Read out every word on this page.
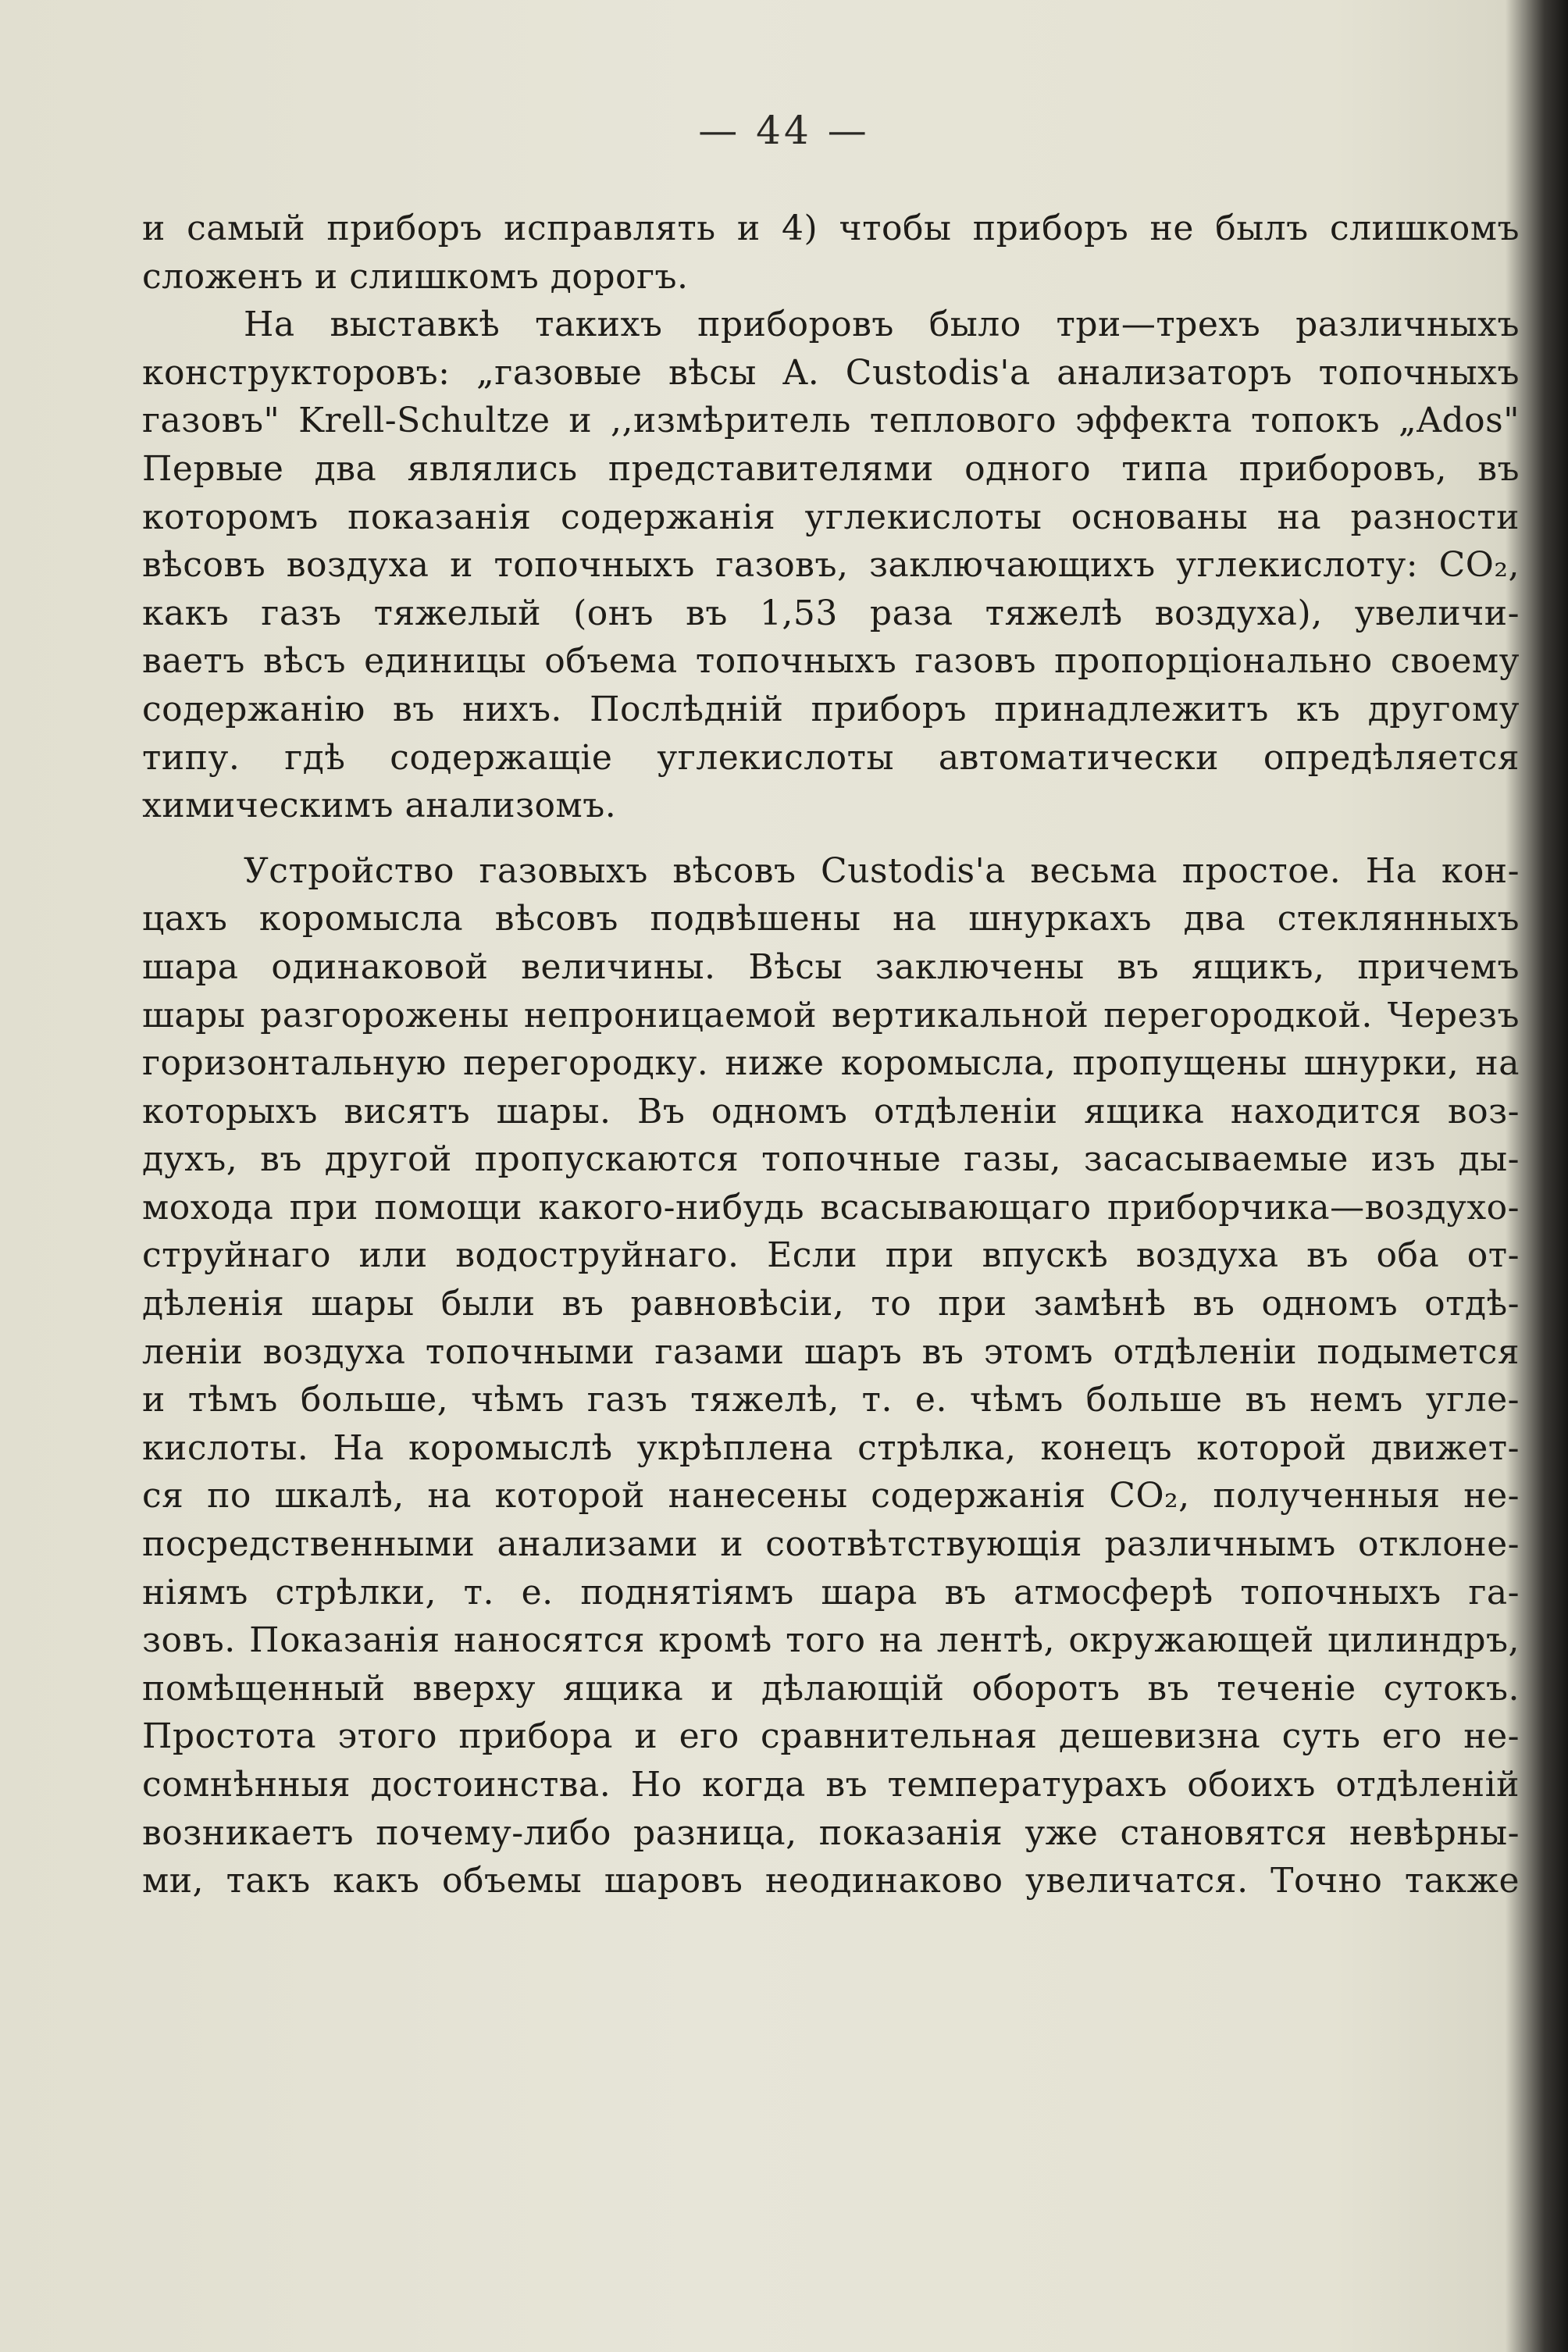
— 44 —
и самый приборъ исправлять и 4) чтобы приборъ не былъ слишкомъ
сложенъ и слишкомъ дорогъ.
На выставкѣ такихъ приборовъ было три—трехъ различныхъ
конструкторовъ: „газовые вѣсы A. Custodis'a анализаторъ топочныхъ
газовъ" Krell-Schultze и ,,измѣритель теплового эффекта топокъ „Ados"
Первые два являлись представителями одного типа приборовъ, въ
которомъ показанія содержанія углекислоты основаны на разности
вѣсовъ воздуха и топочныхъ газовъ, заключающихъ углекислоту: CO₂,
какъ газъ тяжелый (онъ въ 1,53 раза тяжелѣ воздуха), увеличи-
ваетъ вѣсъ единицы объема топочныхъ газовъ пропорціонально своему
содержанію въ нихъ. Послѣдній приборъ принадлежитъ къ другому
типу. гдѣ содержащіе углекислоты автоматически опредѣляется
химическимъ анализомъ.
Устройство газовыхъ вѣсовъ Custodis'a весьма простое. На кон-
цахъ коромысла вѣсовъ подвѣшены на шнуркахъ два стеклянныхъ
шара одинаковой величины. Вѣсы заключены въ ящикъ, причемъ
шары разгорожены непроницаемой вертикальной перегородкой. Черезъ
горизонтальную перегородку. ниже коромысла, пропущены шнурки, на
которыхъ висятъ шары. Въ одномъ отдѣленіи ящика находится воз-
духъ, въ другой пропускаются топочные газы, засасываемые изъ ды-
мохода при помощи какого-нибудь всасывающаго приборчика—воздухо-
струйнаго или водоструйнаго. Если при впускѣ воздуха въ оба от-
дѣленія шары были въ равновѣсіи, то при замѣнѣ въ одномъ отдѣ-
леніи воздуха топочными газами шаръ въ этомъ отдѣленіи подымется
и тѣмъ больше, чѣмъ газъ тяжелѣ, т. е. чѣмъ больше въ немъ угле-
кислоты. На коромыслѣ укрѣплена стрѣлка, конецъ которой движет-
ся по шкалѣ, на которой нанесены содержанія CO₂, полученныя не-
посредственными анализами и соотвѣтствующія различнымъ отклоне-
ніямъ стрѣлки, т. е. поднятіямъ шара въ атмосферѣ топочныхъ га-
зовъ. Показанія наносятся кромѣ того на лентѣ, окружающей цилиндръ,
помѣщенный вверху ящика и дѣлающій оборотъ въ теченіе сутокъ.
Простота этого прибора и его сравнительная дешевизна суть его не-
сомнѣнныя достоинства. Но когда въ температурахъ обоихъ отдѣленій
возникаетъ почему-либо разница, показанія уже становятся невѣрны-
ми, такъ какъ объемы шаровъ неодинаково увеличатся. Точно также
